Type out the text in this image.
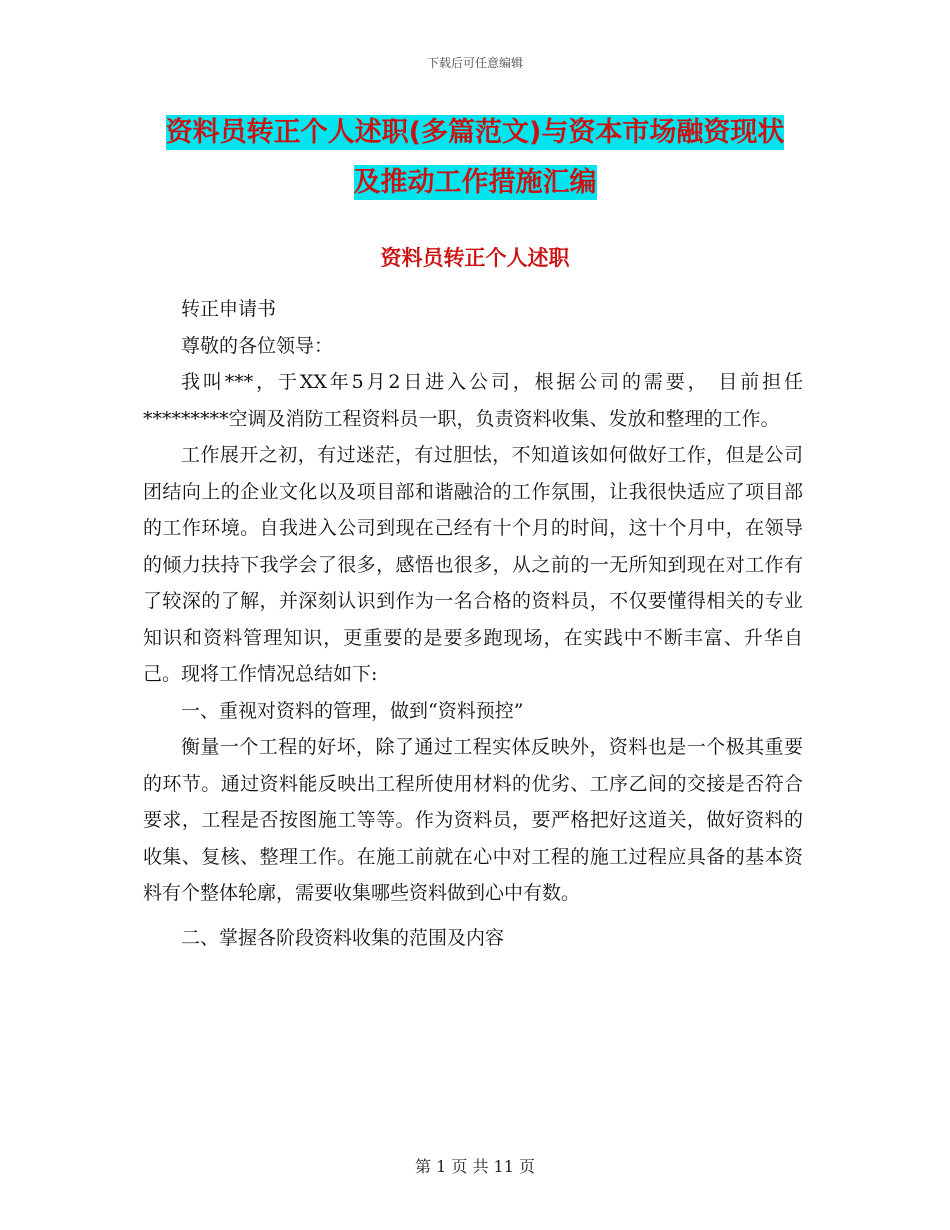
下载后可任意编辑
资料员转正个人述职(多篇范文)与资本市场融资现状
及推动工作措施汇编
资料员转正个人述职

转正申请书

尊敬的各位领导：

我叫***，于XX年5月2日进入公司，根据公司的需要， 目前担任*********空调及消防工程资料员一职，负责资料收集、发放和整理的工作。

工作展开之初，有过迷茫，有过胆怯，不知道该如何做好工作，但是公司团结向上的企业文化以及项目部和谐融洽的工作氛围，让我很快适应了项目部的工作环境。自我进入公司到现在己经有十个月的时间，这十个月中，在领导的倾力扶持下我学会了很多，感悟也很多，从之前的一无所知到现在对工作有了较深的了解，并深刻认识到作为一名合格的资料员，不仅要懂得相关的专业知识和资料管理知识，更重要的是要多跑现场，在实践中不断丰富、升华自己。现将工作情况总结如下:

一、重视对资料的管理，做到“资料预控”

衡量一个工程的好坏，除了通过工程实体反映外，资料也是一个极其重要的环节。通过资料能反映出工程所使用材料的优劣、工序乙间的交接是否符合要求，工程是否按图施工等等。作为资料员，要严格把好这道关，做好资料的收集、复核、整理工作。在施工前就在心中对工程的施工过程应具备的基本资料有个整体轮廓，需要收集哪些资料做到心中有数。

二、掌握各阶段资料收集的范围及内容

第 1 页 共 11 页
